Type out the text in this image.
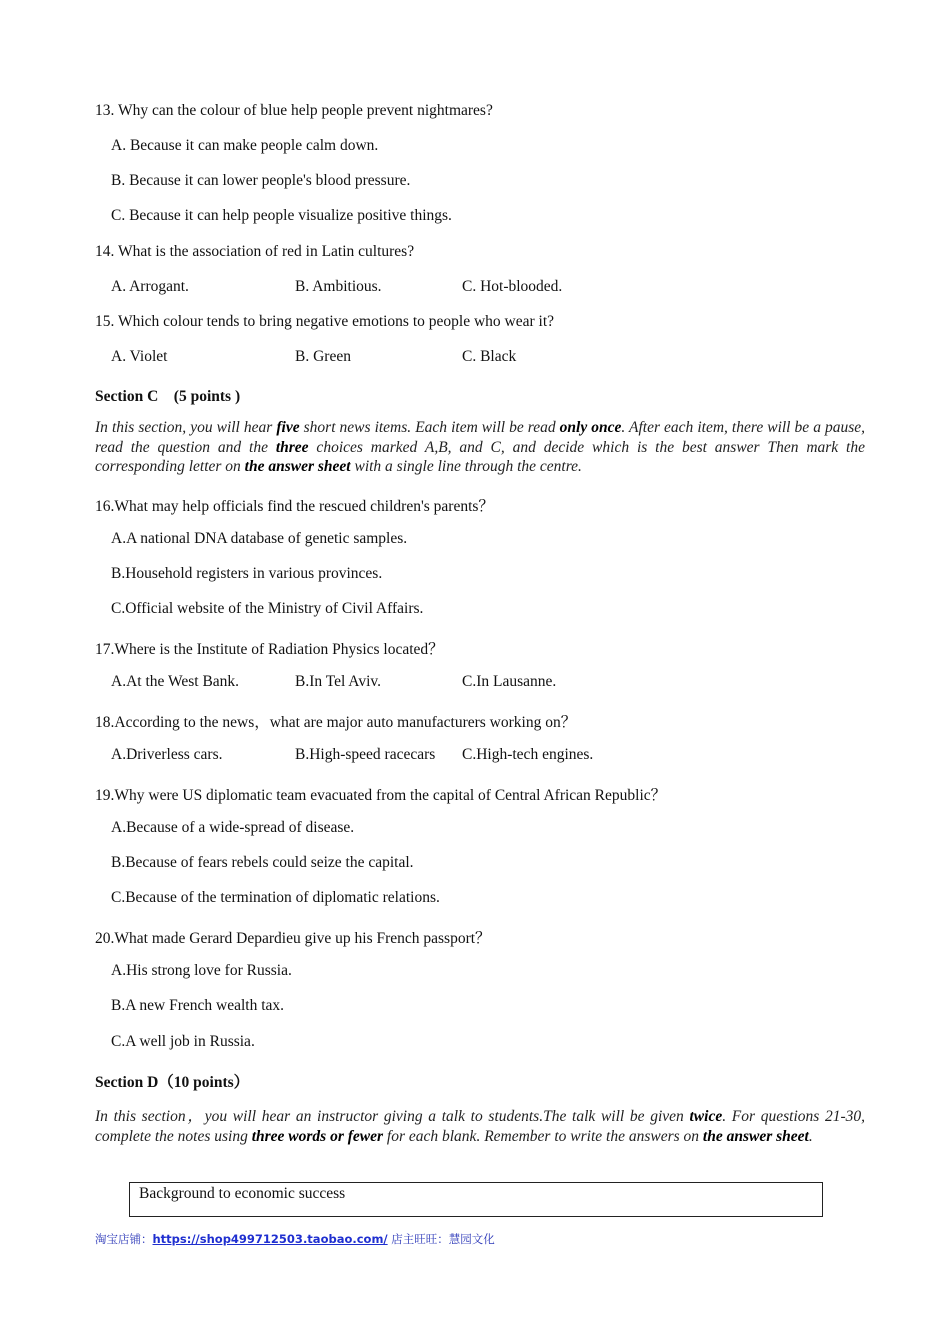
13. Why can the colour of blue help people prevent nightmares?
A. Because it can make people calm down.
B. Because it can lower people's blood pressure.
C. Because it can help people visualize positive things.
14. What is the association of red in Latin cultures?
A. Arrogant.	B. Ambitious.	C. Hot-blooded.
15. Which colour tends to bring negative emotions to people who wear it?
A. Violet	B. Green	C. Black
Section C　(5 points )
In this section, you will hear five short news items. Each item will be read only once. After each item, there will be a pause, read the question and the three choices marked A,B, and C, and decide which is the best answer Then mark the corresponding letter on the answer sheet with a single line through the centre.
16.What may help officials find the rescued children's parents？
A.A national DNA database of genetic samples.
B.Household registers in various provinces.
C.Official website of the Ministry of Civil Affairs.
17.Where is the Institute of Radiation Physics located？
A.At the West Bank.	B.In Tel Aviv.	C.In Lausanne.
18.According to the news，what are major auto manufacturers working on？
A.Driverless cars.	B.High-speed racecars C.High-tech engines.
19.Why were US diplomatic team evacuated from the capital of Central African Republic？
A.Because of a wide-spread of disease.
B.Because of fears rebels could seize the capital.
C.Because of the termination of diplomatic relations.
20.What made Gerard Depardieu give up his French passport？
A.His strong love for Russia.
B.A new French wealth tax.
C.A well job in Russia.
Section D（10 points）
In this section，you will hear an instructor giving a talk to students.The talk will be given twice. For questions 21-30, complete the notes using three words or fewer for each blank. Remember to write the answers on the answer sheet.
Background to economic success
淘宝店铺：https://shop499712503.taobao.com/ 店主旺旺：慧园文化
